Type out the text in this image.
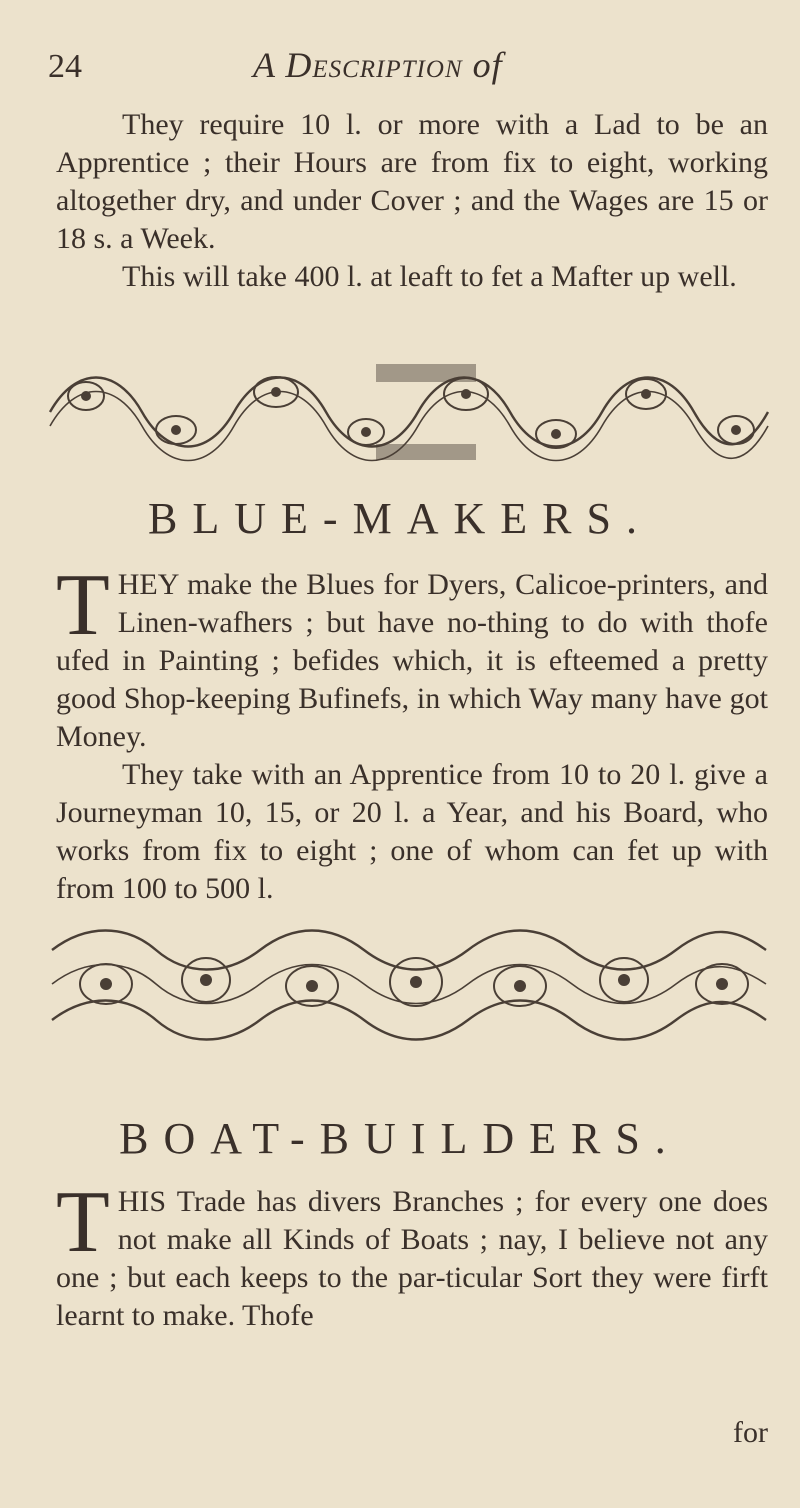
24	A Description of

They require 10 l. or more with a Lad to be an Apprentice ; their Hours are from fix to eight, working altogether dry, and under Cover ; and the Wages are 15 or 18 s. a Week.

This will take 400 l. at leaft to fet a Mafter up well.

BLUE-MAKERS.
T HEY make the Blues for Dyers, Calicoe-printers, and Linen-wafhers ; but have no-thing to do with thofe ufed in Painting ; befides which, it is efteemed a pretty good Shop-keeping Bufinefs, in which Way many have got Money.

They take with an Apprentice from 10 to 20 l. give a Journeyman 10, 15, or 20 l. a Year, and his Board, who works from fix to eight ; one of whom can fet up with from 100 to 500 l.

BOAT-BUILDERS.
T HIS Trade has divers Branches ; for every one does not make all Kinds of Boats ; nay, I believe not any one ; but each keeps to the par-ticular Sort they were firft learnt to make. Thofe

for
